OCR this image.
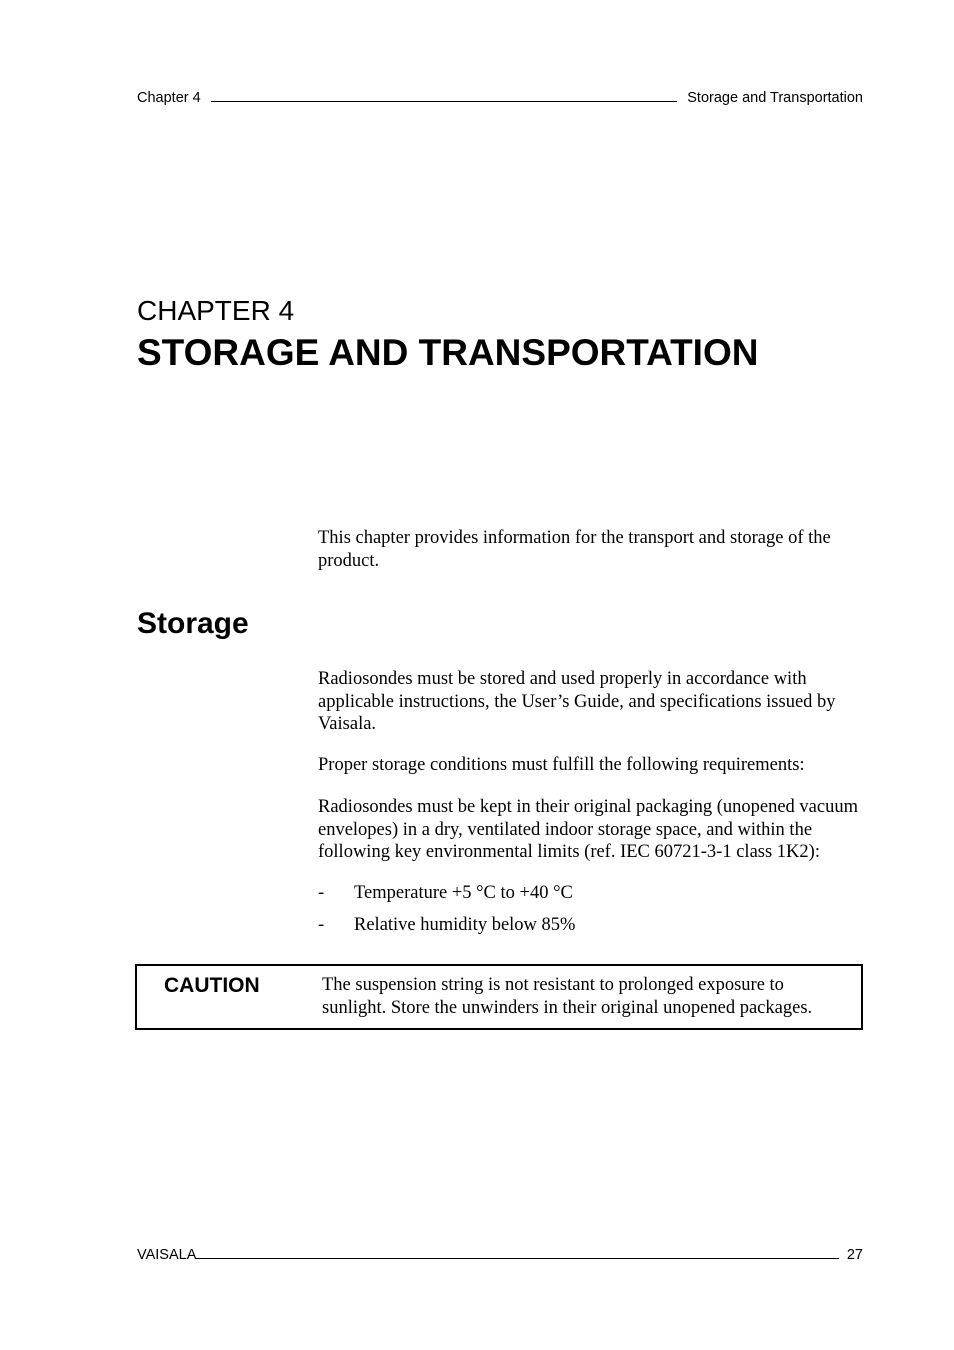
Chapter 4	Storage and Transportation
CHAPTER 4
STORAGE AND TRANSPORTATION

This chapter provides information for the transport and storage of the product.

Storage

Radiosondes must be stored and used properly in accordance with applicable instructions, the User’s Guide, and specifications issued by Vaisala.

Proper storage conditions must fulfill the following requirements:

Radiosondes must be kept in their original packaging (unopened vacuum envelopes) in a dry, ventilated indoor storage space, and within the following key environmental limits (ref. IEC 60721-3-1 class 1K2):

-	Temperature +5 °C to +40 °C
-	Relative humidity below 85%
CAUTION	The suspension string is not resistant to prolonged exposure to sunlight. Store the unwinders in their original unopened packages.
VAISALA	27
